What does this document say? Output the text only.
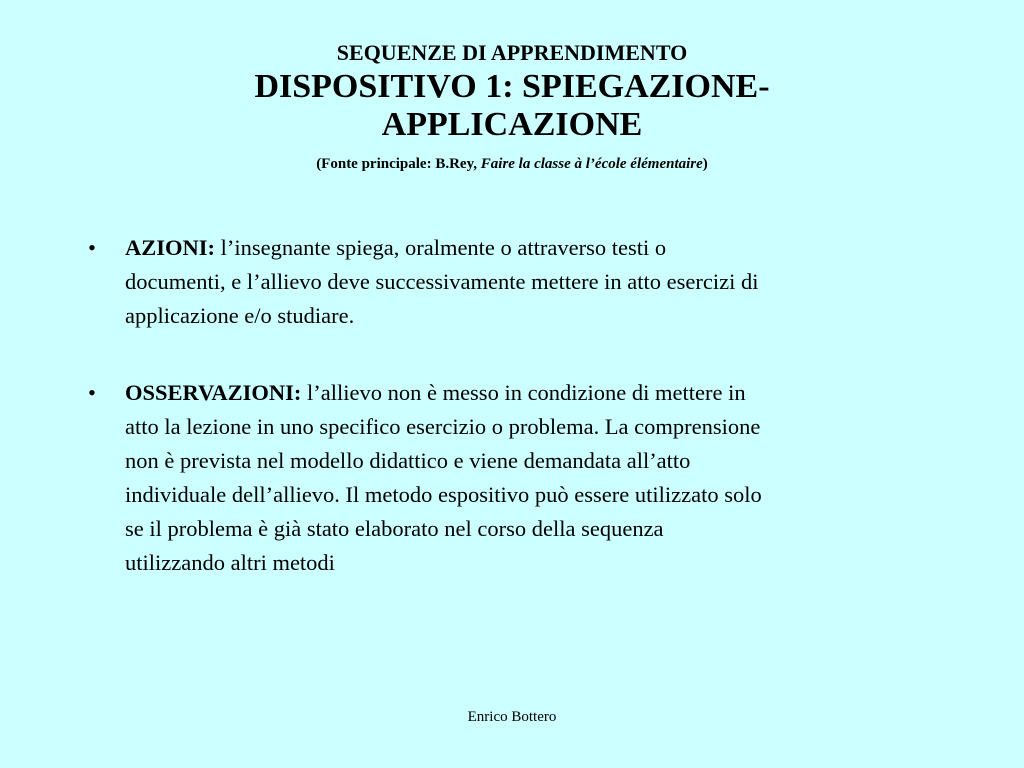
SEQUENZE DI APPRENDIMENTO
DISPOSITIVO 1: SPIEGAZIONE-
APPLICAZIONE
(Fonte principale: B.Rey, Faire la classe à l’école élémentaire)
• AZIONI: l’insegnante spiega, oralmente o attraverso testi o
documenti, e l’allievo deve successivamente mettere in atto esercizi di
applicazione e/o studiare.
• OSSERVAZIONI: l’allievo non è messo in condizione di mettere in
atto la lezione in uno specifico esercizio o problema. La comprensione
non è prevista nel modello didattico e viene demandata all’atto
individuale dell’allievo. Il metodo espositivo può essere utilizzato solo
se il problema è già stato elaborato nel corso della sequenza
utilizzando altri metodi
Enrico Bottero
